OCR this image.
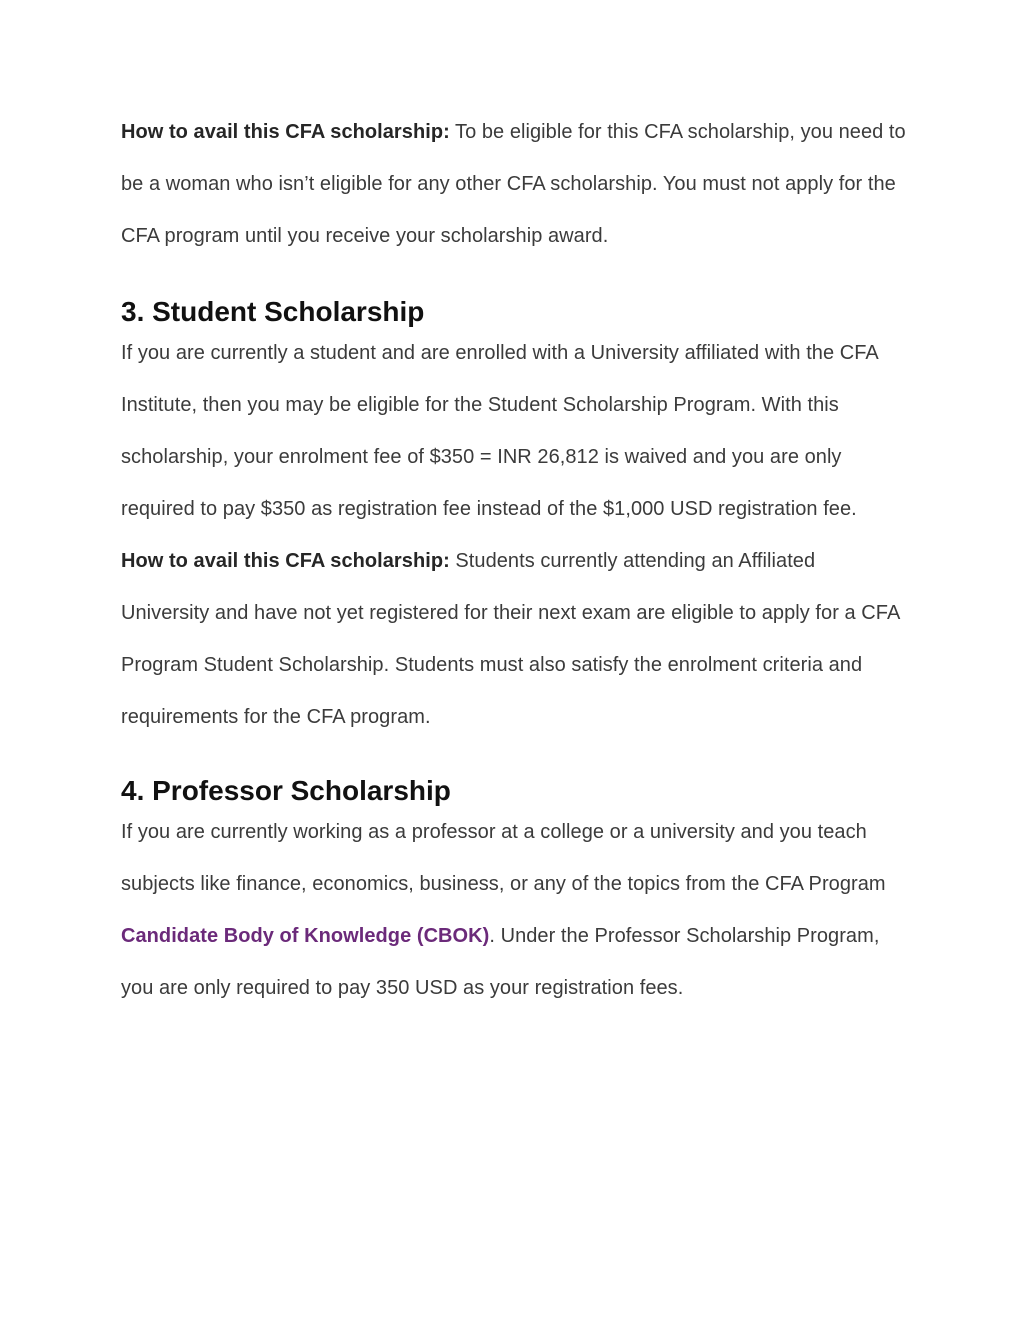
How to avail this CFA scholarship: To be eligible for this CFA scholarship, you need to be a woman who isn’t eligible for any other CFA scholarship. You must not apply for the CFA program until you receive your scholarship award.

3. Student Scholarship

If you are currently a student and are enrolled with a University affiliated with the CFA Institute, then you may be eligible for the Student Scholarship Program. With this scholarship, your enrolment fee of $350 = INR 26,812 is waived and you are only required to pay $350 as registration fee instead of the $1,000 USD registration fee.

How to avail this CFA scholarship: Students currently attending an Affiliated University and have not yet registered for their next exam are eligible to apply for a CFA Program Student Scholarship. Students must also satisfy the enrolment criteria and requirements for the CFA program.

4. Professor Scholarship

If you are currently working as a professor at a college or a university and you teach subjects like finance, economics, business, or any of the topics from the CFA Program Candidate Body of Knowledge (CBOK). Under the Professor Scholarship Program, you are only required to pay 350 USD as your registration fees.
